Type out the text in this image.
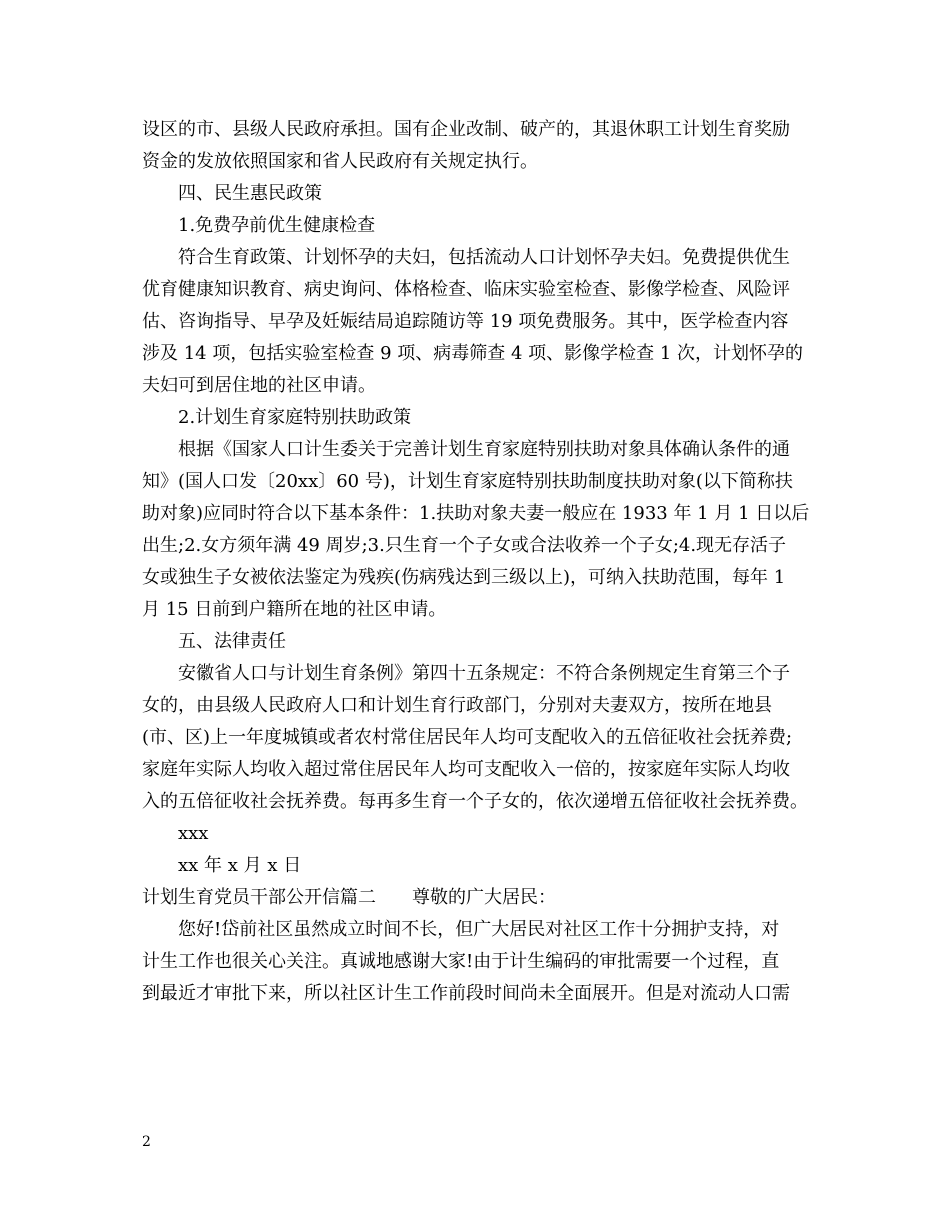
设区的市、县级人民政府承担。国有企业改制、破产的，其退休职工计划生育奖励
资金的发放依照国家和省人民政府有关规定执行。
四、民生惠民政策
1.免费孕前优生健康检查
符合生育政策、计划怀孕的夫妇，包括流动人口计划怀孕夫妇。免费提供优生
优育健康知识教育、病史询问、体格检查、临床实验室检查、影像学检查、风险评
估、咨询指导、早孕及妊娠结局追踪随访等 19 项免费服务。其中，医学检查内容
涉及 14 项，包括实验室检查 9 项、病毒筛查 4 项、影像学检查 1 次，计划怀孕的
夫妇可到居住地的社区申请。
2.计划生育家庭特别扶助政策
根据《国家人口计生委关于完善计划生育家庭特别扶助对象具体确认条件的通
知》(国人口发〔20xx〕60 号)，计划生育家庭特别扶助制度扶助对象(以下简称扶
助对象)应同时符合以下基本条件：1.扶助对象夫妻一般应在 1933 年 1 月 1 日以后
出生;2.女方须年满 49 周岁;3.只生育一个子女或合法收养一个子女;4.现无存活子
女或独生子女被依法鉴定为残疾(伤病残达到三级以上)，可纳入扶助范围，每年 1
月 15 日前到户籍所在地的社区申请。
五、法律责任
安徽省人口与计划生育条例》第四十五条规定：不符合条例规定生育第三个子
女的，由县级人民政府人口和计划生育行政部门，分别对夫妻双方，按所在地县
(市、区)上一年度城镇或者农村常住居民年人均可支配收入的五倍征收社会抚养费;
家庭年实际人均收入超过常住居民年人均可支配收入一倍的，按家庭年实际人均收
入的五倍征收社会抚养费。每再多生育一个子女的，依次递增五倍征收社会抚养费。
xxx
xx 年 x 月 x 日
计划生育党员干部公开信篇二　　尊敬的广大居民：
您好!岱前社区虽然成立时间不长，但广大居民对社区工作十分拥护支持，对
计生工作也很关心关注。真诚地感谢大家!由于计生编码的审批需要一个过程，直
到最近才审批下来，所以社区计生工作前段时间尚未全面展开。但是对流动人口需
2
